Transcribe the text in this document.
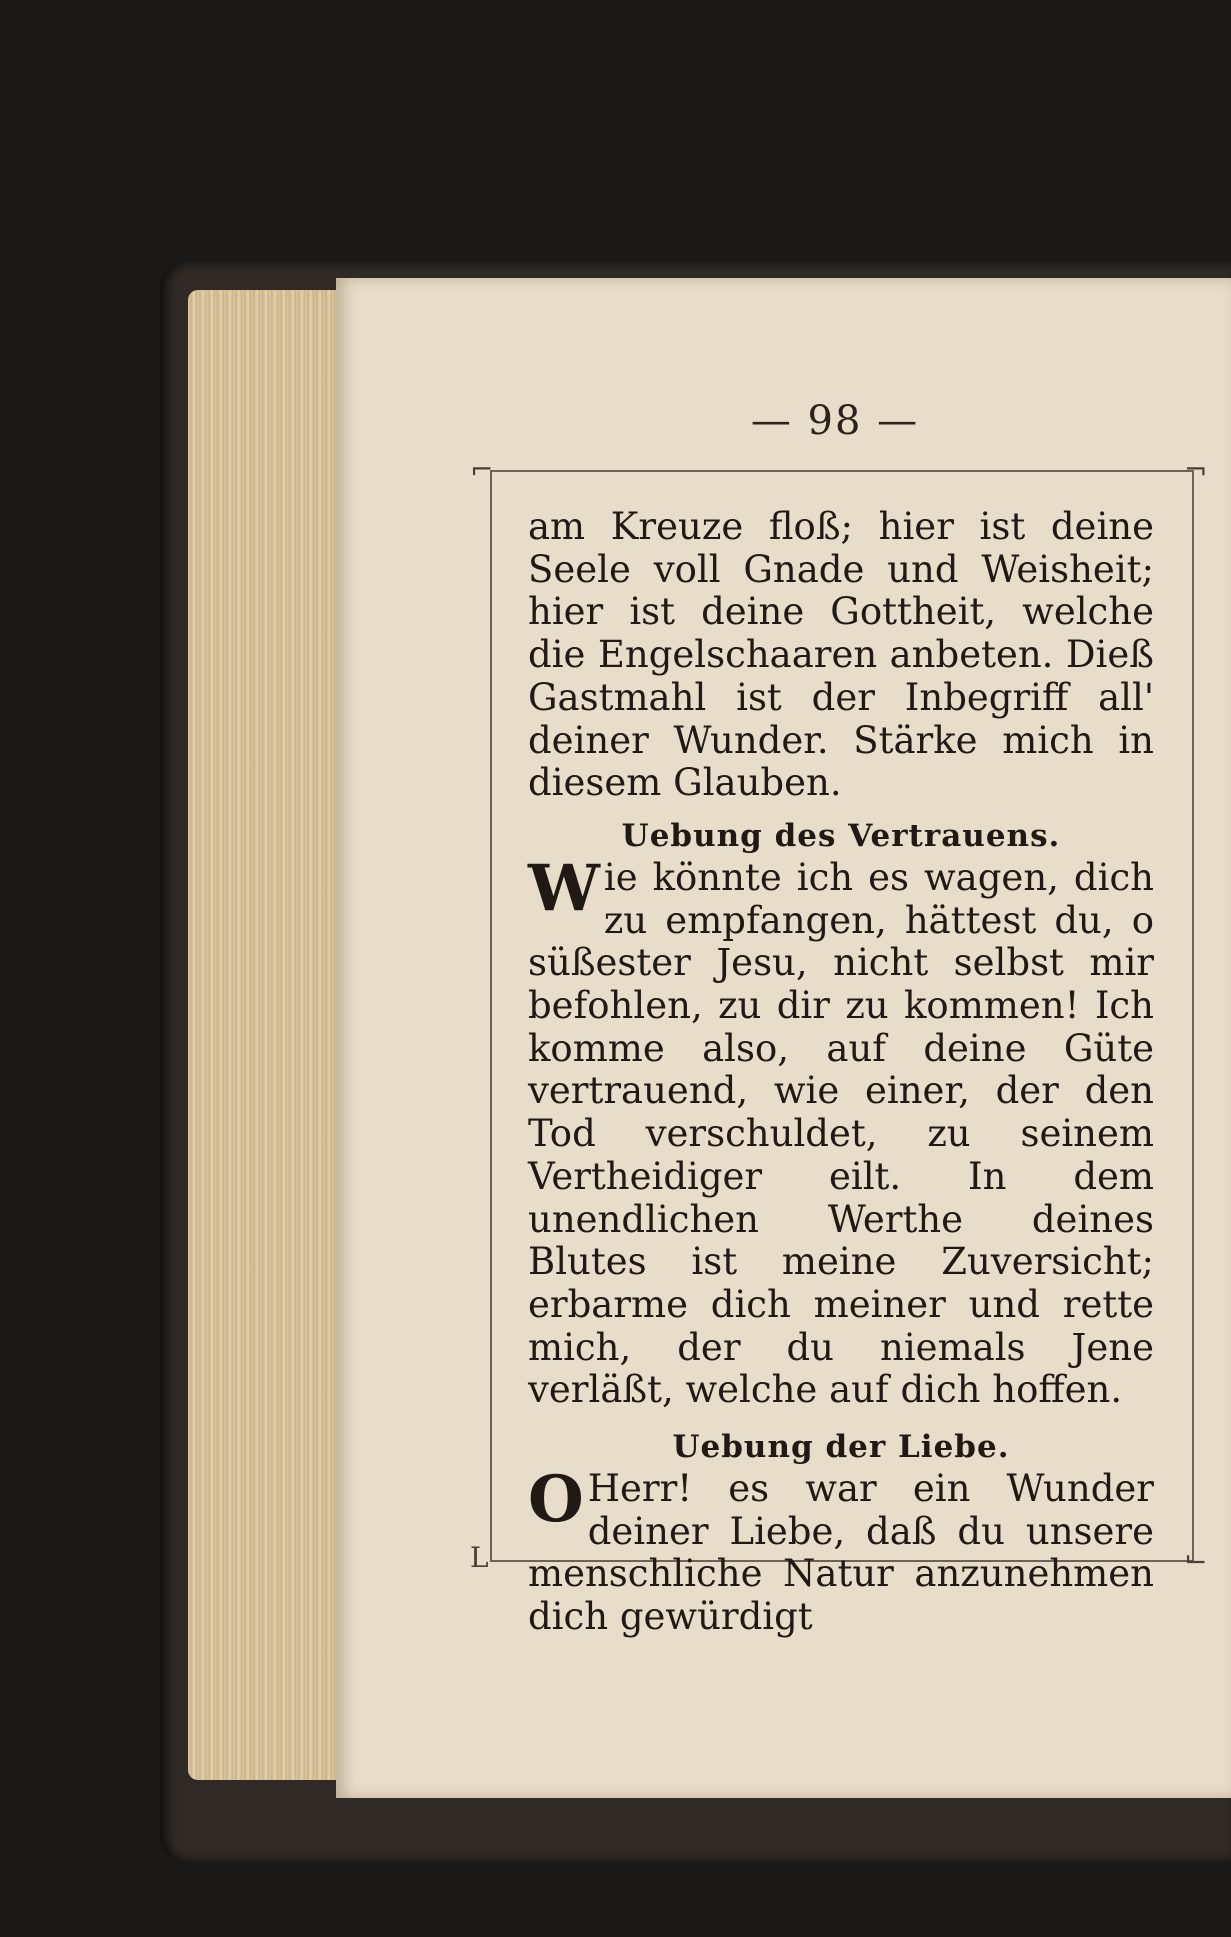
— 98 —
⌐	¬
L	⌙

am Kreuze floß; hier ist deine Seele voll Gnade und Weisheit; hier ist deine Gottheit, welche die Engelschaaren anbeten. Dieß Gastmahl ist der Inbegriff all' deiner Wunder. Stärke mich in diesem Glauben.

Uebung des Vertrauens.

Wie könnte ich es wagen, dich zu empfangen, hättest du, o süßester Jesu, nicht selbst mir befohlen, zu dir zu kommen! Ich komme also, auf deine Güte vertrauend, wie einer, der den Tod verschuldet, zu seinem Vertheidiger eilt. In dem unendlichen Werthe deines Blutes ist meine Zuversicht; erbarme dich meiner und rette mich, der du niemals Jene verläßt, welche auf dich hoffen.

Uebung der Liebe.

O Herr! es war ein Wunder deiner Liebe, daß du unsere menschliche Natur anzunehmen dich gewürdigt
